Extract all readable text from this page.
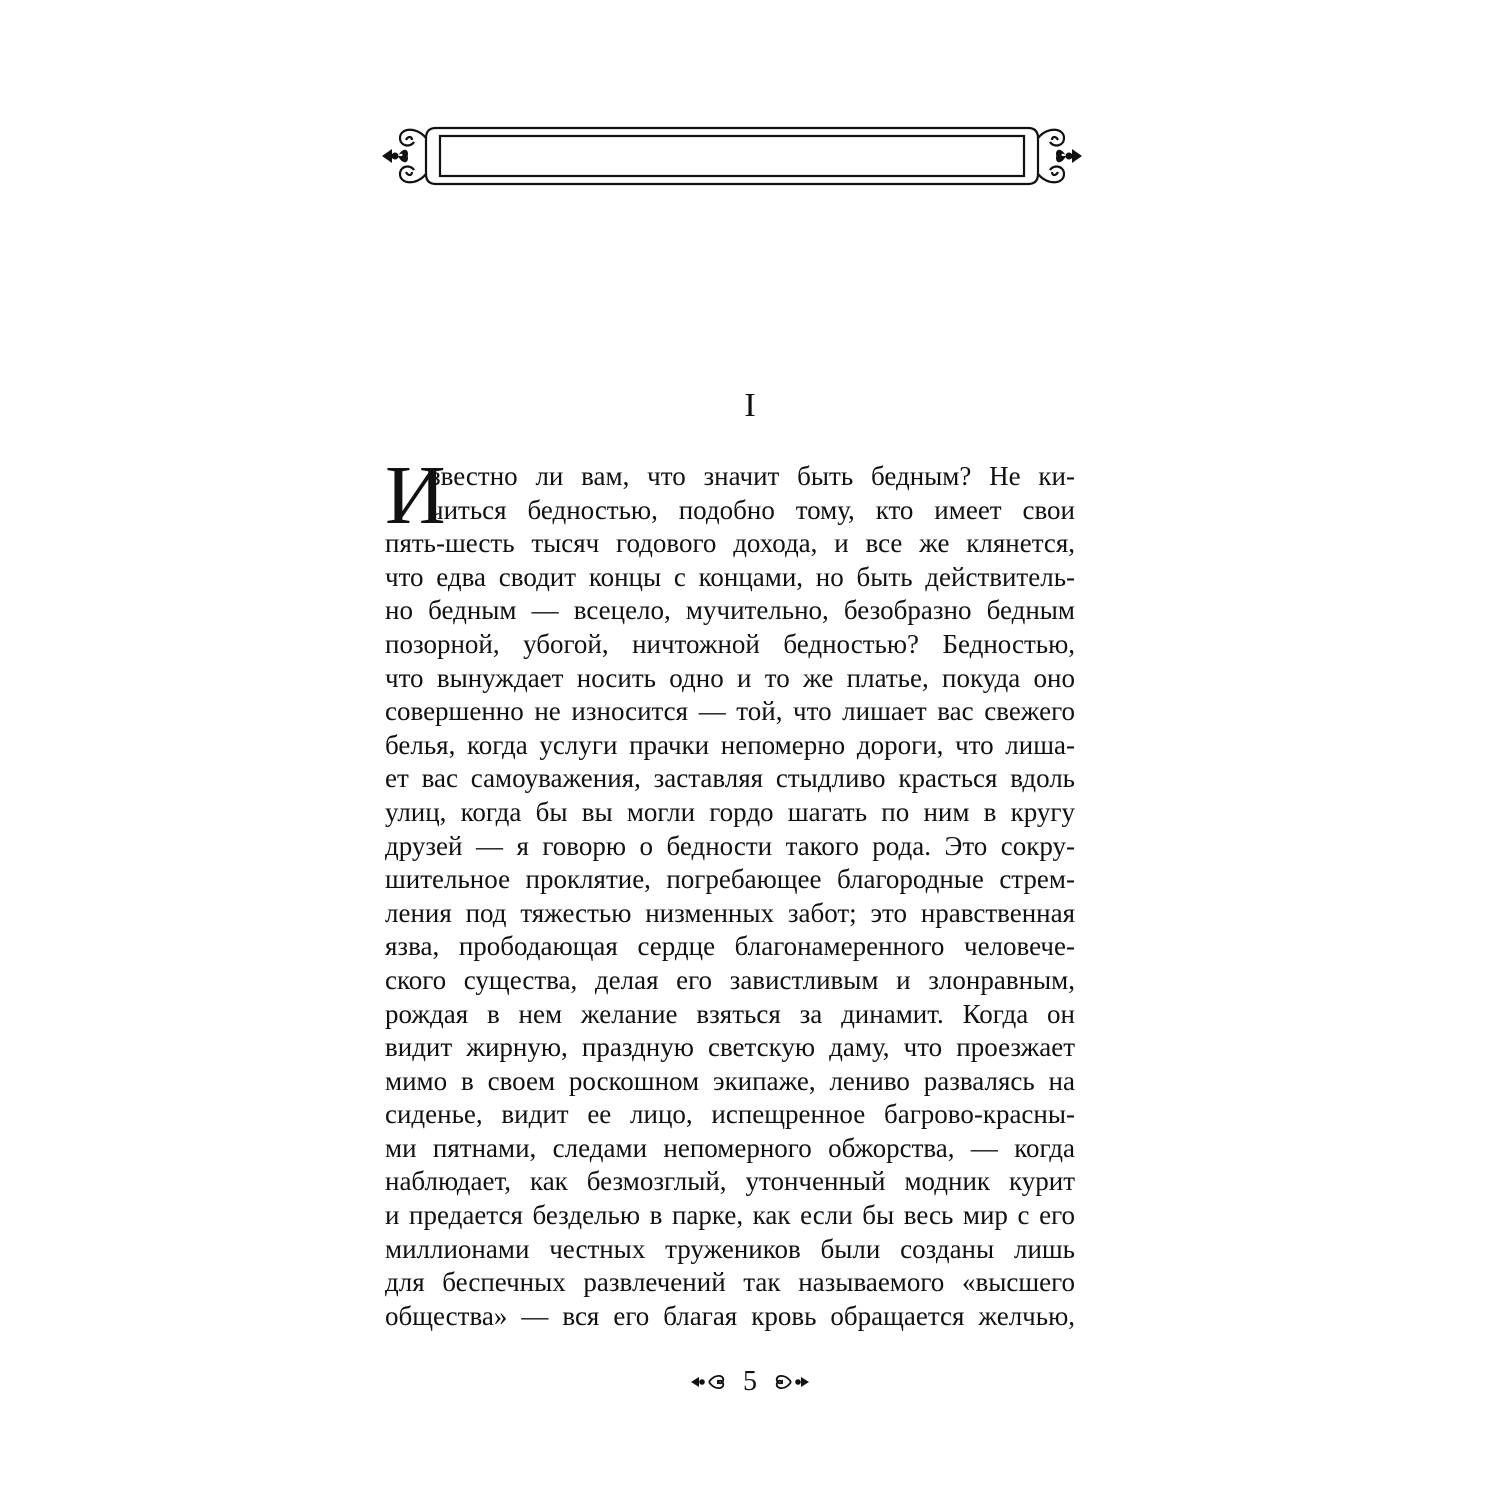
I
И
звестно ли вам, что значит быть бедным? Не ки-
читься бедностью, подобно тому, кто имеет свои
пять-шесть тысяч годового дохода, и все же клянется,
что едва сводит концы с концами, но быть действитель-
но бедным — всецело, мучительно, безобразно бедным
позорной, убогой, ничтожной бедностью? Бедностью,
что вынуждает носить одно и то же платье, покуда оно
совершенно не износится — той, что лишает вас свежего
белья, когда услуги прачки непомерно дороги, что лиша-
ет вас самоуважения, заставляя стыдливо красться вдоль
улиц, когда бы вы могли гордо шагать по ним в кругу
друзей — я говорю о бедности такого рода. Это сокру-
шительное проклятие, погребающее благородные стрем-
ления под тяжестью низменных забот; это нравственная
язва, прободающая сердце благонамеренного человече-
ского существа, делая его завистливым и злонравным,
рождая в нем желание взяться за динамит. Когда он
видит жирную, праздную светскую даму, что проезжает
мимо в своем роскошном экипаже, лениво развалясь на
сиденье, видит ее лицо, испещренное багрово-красны-
ми пятнами, следами непомерного обжорства, — когда
наблюдает, как безмозглый, утонченный модник курит
и предается безделью в парке, как если бы весь мир с его
миллионами честных тружеников были созданы лишь
для беспечных развлечений так называемого «высшего
общества» — вся его благая кровь обращается желчью,
5
